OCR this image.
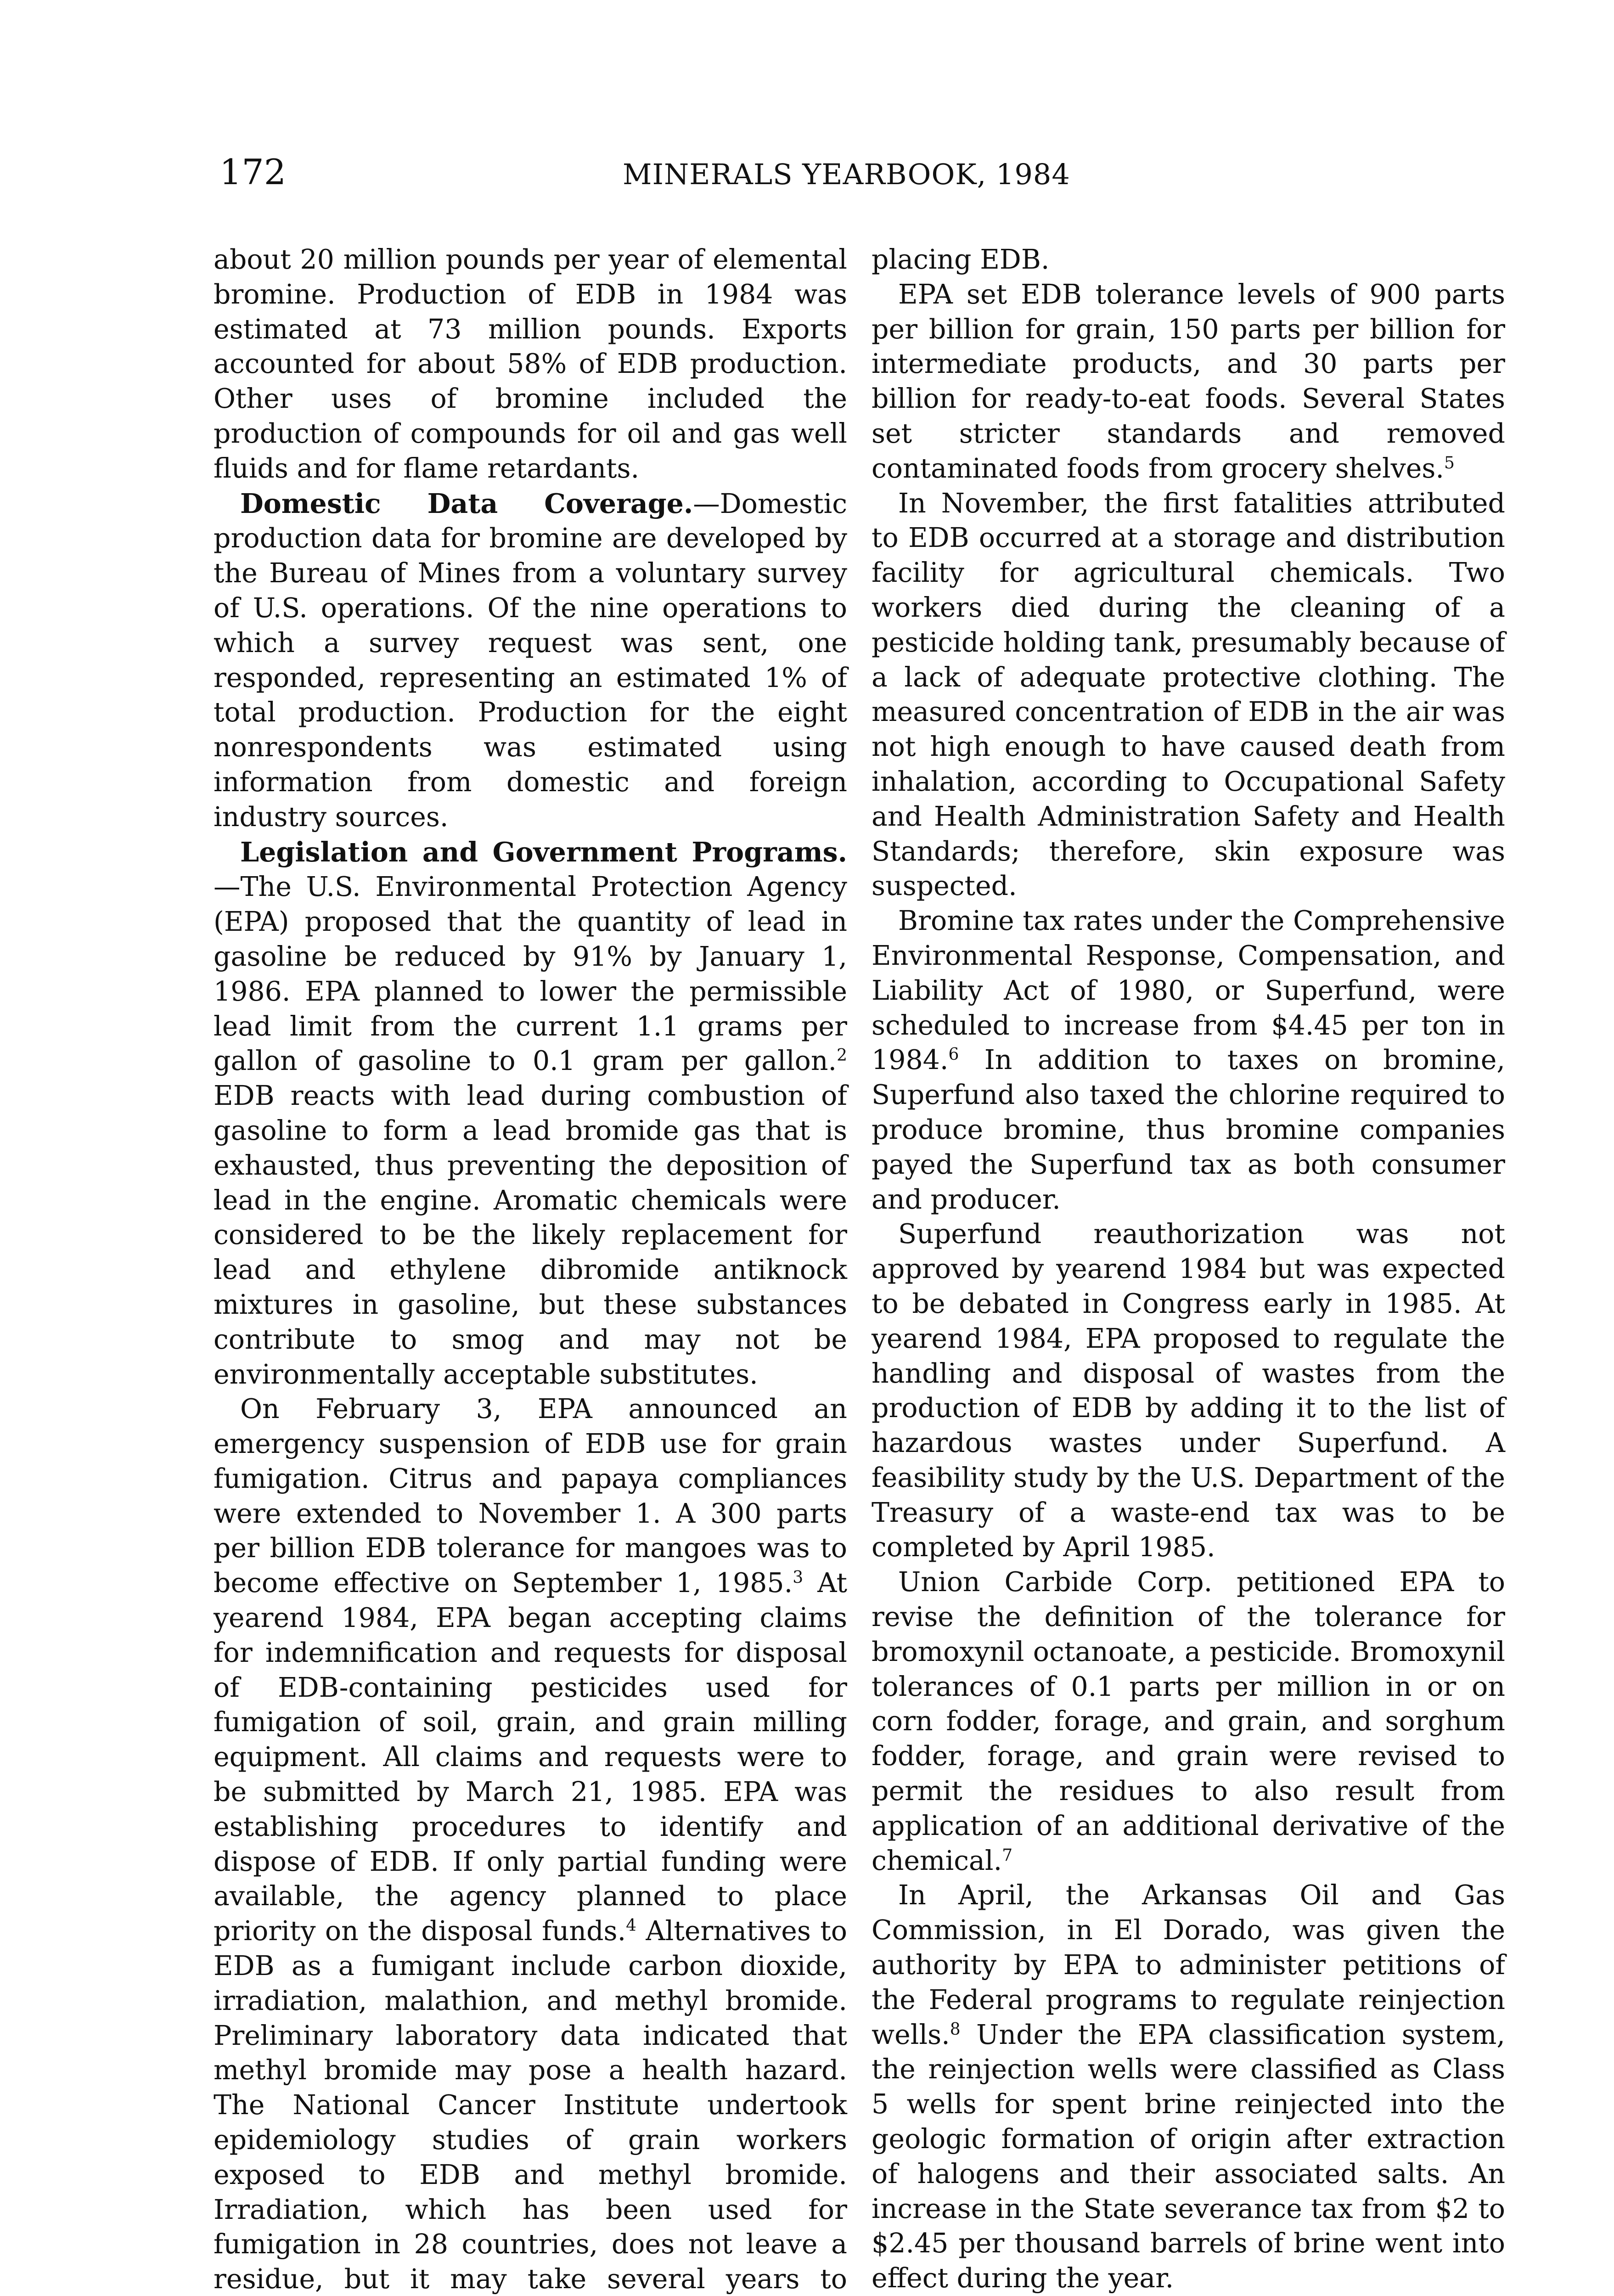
172	MINERALS YEARBOOK, 1984

about 20 million pounds per year of elemental bromine. Production of EDB in 1984 was estimated at 73 million pounds. Exports accounted for about 58% of EDB production. Other uses of bromine included the production of compounds for oil and gas well fluids and for flame retardants.

Domestic Data Coverage.—Domestic production data for bromine are developed by the Bureau of Mines from a voluntary survey of U.S. operations. Of the nine operations to which a survey request was sent, one responded, representing an estimated 1% of total production. Production for the eight nonrespondents was estimated using information from domestic and foreign industry sources.

Legislation and Government Programs.—The U.S. Environmental Protection Agency (EPA) proposed that the quantity of lead in gasoline be reduced by 91% by January 1, 1986. EPA planned to lower the permissible lead limit from the current 1.1 grams per gallon of gasoline to 0.1 gram per gallon.$^2$ EDB reacts with lead during combustion of gasoline to form a lead bromide gas that is exhausted, thus preventing the deposition of lead in the engine. Aromatic chemicals were considered to be the likely replacement for lead and ethylene dibromide antiknock mixtures in gasoline, but these substances contribute to smog and may not be environmentally acceptable substitutes.

On February 3, EPA announced an emergency suspension of EDB use for grain fumigation. Citrus and papaya compliances were extended to November 1. A 300 parts per billion EDB tolerance for mangoes was to become effective on September 1, 1985.$^3$ At yearend 1984, EPA began accepting claims for indemnification and requests for disposal of EDB-containing pesticides used for fumigation of soil, grain, and grain milling equipment. All claims and requests were to be submitted by March 21, 1985. EPA was establishing procedures to identify and dispose of EDB. If only partial funding were available, the agency planned to place priority on the disposal funds.$^4$ Alternatives to EDB as a fumigant include carbon dioxide, irradiation, malathion, and methyl bromide. Preliminary laboratory data indicated that methyl bromide may pose a health hazard. The National Cancer Institute undertook epidemiology studies of grain workers exposed to EDB and methyl bromide. Irradiation, which has been used for fumigation in 28 countries, does not leave a residue, but it may take several years to

placing EDB.

EPA set EDB tolerance levels of 900 parts per billion for grain, 150 parts per billion for intermediate products, and 30 parts per billion for ready-to-eat foods. Several States set stricter standards and removed contaminated foods from grocery shelves.$^5$

In November, the first fatalities attributed to EDB occurred at a storage and distribution facility for agricultural chemicals. Two workers died during the cleaning of a pesticide holding tank, presumably because of a lack of adequate protective clothing. The measured concentration of EDB in the air was not high enough to have caused death from inhalation, according to Occupational Safety and Health Administration Safety and Health Standards; therefore, skin exposure was suspected.

Bromine tax rates under the Comprehensive Environmental Response, Compensation, and Liability Act of 1980, or Superfund, were scheduled to increase from $4.45 per ton in 1984.$^6$ In addition to taxes on bromine, Superfund also taxed the chlorine required to produce bromine, thus bromine companies payed the Superfund tax as both consumer and producer.

Superfund reauthorization was not approved by yearend 1984 but was expected to be debated in Congress early in 1985. At yearend 1984, EPA proposed to regulate the handling and disposal of wastes from the production of EDB by adding it to the list of hazardous wastes under Superfund. A feasibility study by the U.S. Department of the Treasury of a waste-end tax was to be completed by April 1985.

Union Carbide Corp. petitioned EPA to revise the definition of the tolerance for bromoxynil octanoate, a pesticide. Bromoxynil tolerances of 0.1 parts per million in or on corn fodder, forage, and grain, and sorghum fodder, forage, and grain were revised to permit the residues to also result from application of an additional derivative of the chemical.$^7$

In April, the Arkansas Oil and Gas Commission, in El Dorado, was given the authority by EPA to administer petitions of the Federal programs to regulate reinjection wells.$^8$ Under the EPA classification system, the reinjection wells were classified as Class 5 wells for spent brine reinjected into the geologic formation of origin after extraction of halogens and their associated salts. An increase in the State severance tax from $2 to $2.45 per thousand barrels of brine went into effect during the year.
